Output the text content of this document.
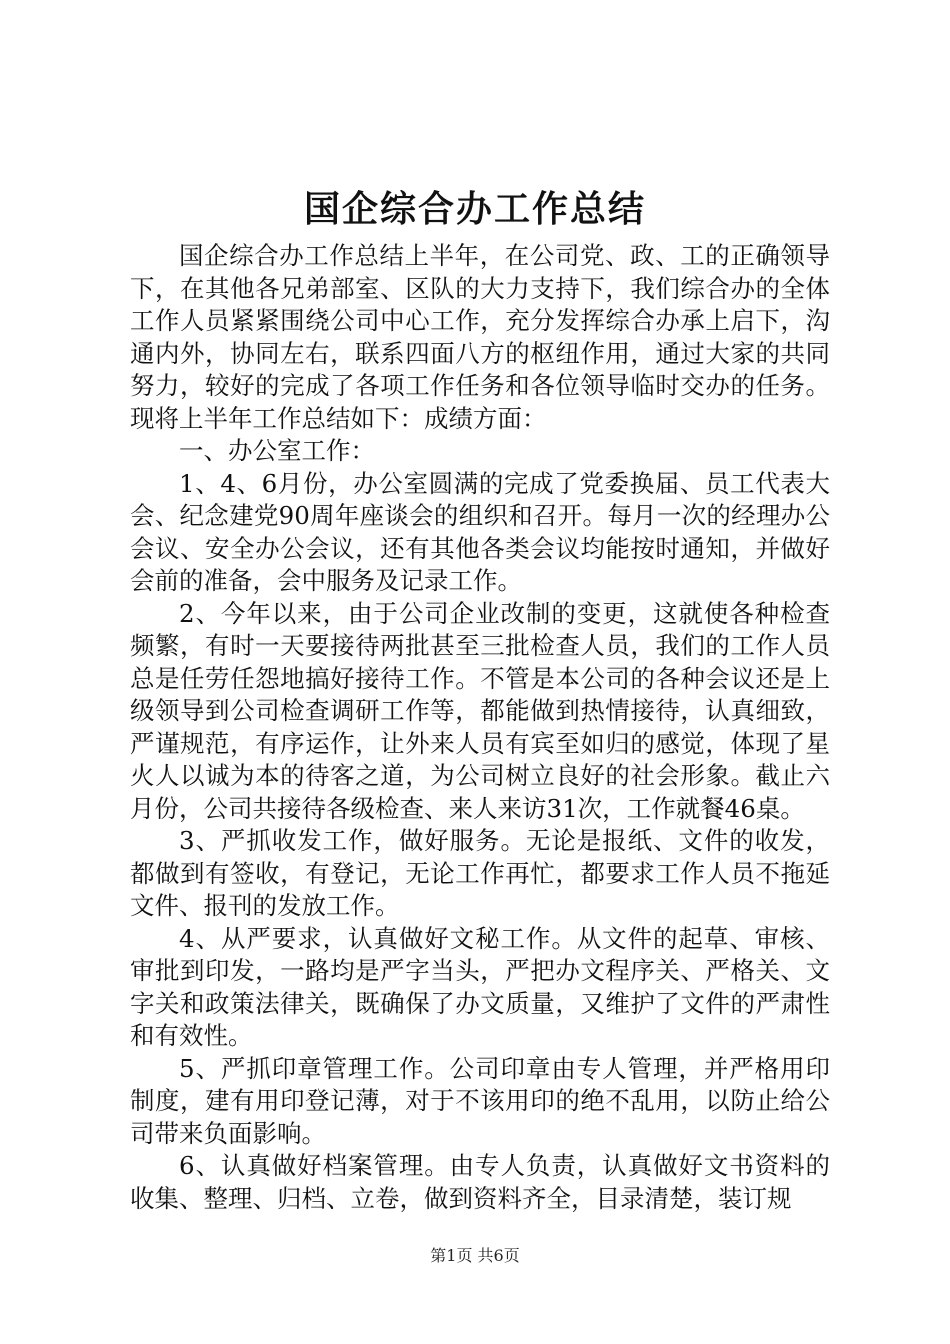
国企综合办工作总结

国企综合办工作总结上半年，在公司党、政、工的正确领导下，在其他各兄弟部室、区队的大力支持下，我们综合办的全体工作人员紧紧围绕公司中心工作，充分发挥综合办承上启下，沟通内外，协同左右，联系四面八方的枢纽作用，通过大家的共同努力，较好的完成了各项工作任务和各位领导临时交办的任务。现将上半年工作总结如下：成绩方面：

一、办公室工作：

1、4、6月份，办公室圆满的完成了党委换届、员工代表大会、纪念建党90周年座谈会的组织和召开。每月一次的经理办公会议、安全办公会议，还有其他各类会议均能按时通知，并做好会前的准备，会中服务及记录工作。

2、今年以来，由于公司企业改制的变更，这就使各种检查频繁，有时一天要接待两批甚至三批检查人员，我们的工作人员总是任劳任怨地搞好接待工作。不管是本公司的各种会议还是上级领导到公司检查调研工作等，都能做到热情接待，认真细致，严谨规范，有序运作，让外来人员有宾至如归的感觉，体现了星火人以诚为本的待客之道，为公司树立良好的社会形象。截止六月份，公司共接待各级检查、来人来访31次，工作就餐46桌。

3、严抓收发工作，做好服务。无论是报纸、文件的收发，都做到有签收，有登记，无论工作再忙，都要求工作人员不拖延文件、报刊的发放工作。

4、从严要求，认真做好文秘工作。从文件的起草、审核、审批到印发，一路均是严字当头，严把办文程序关、严格关、文字关和政策法律关，既确保了办文质量，又维护了文件的严肃性和有效性。

5、严抓印章管理工作。公司印章由专人管理，并严格用印制度，建有用印登记薄，对于不该用印的绝不乱用，以防止给公司带来负面影响。

6、认真做好档案管理。由专人负责，认真做好文书资料的收集、整理、归档、立卷，做到资料齐全，目录清楚，装订规

第1页 共6页
